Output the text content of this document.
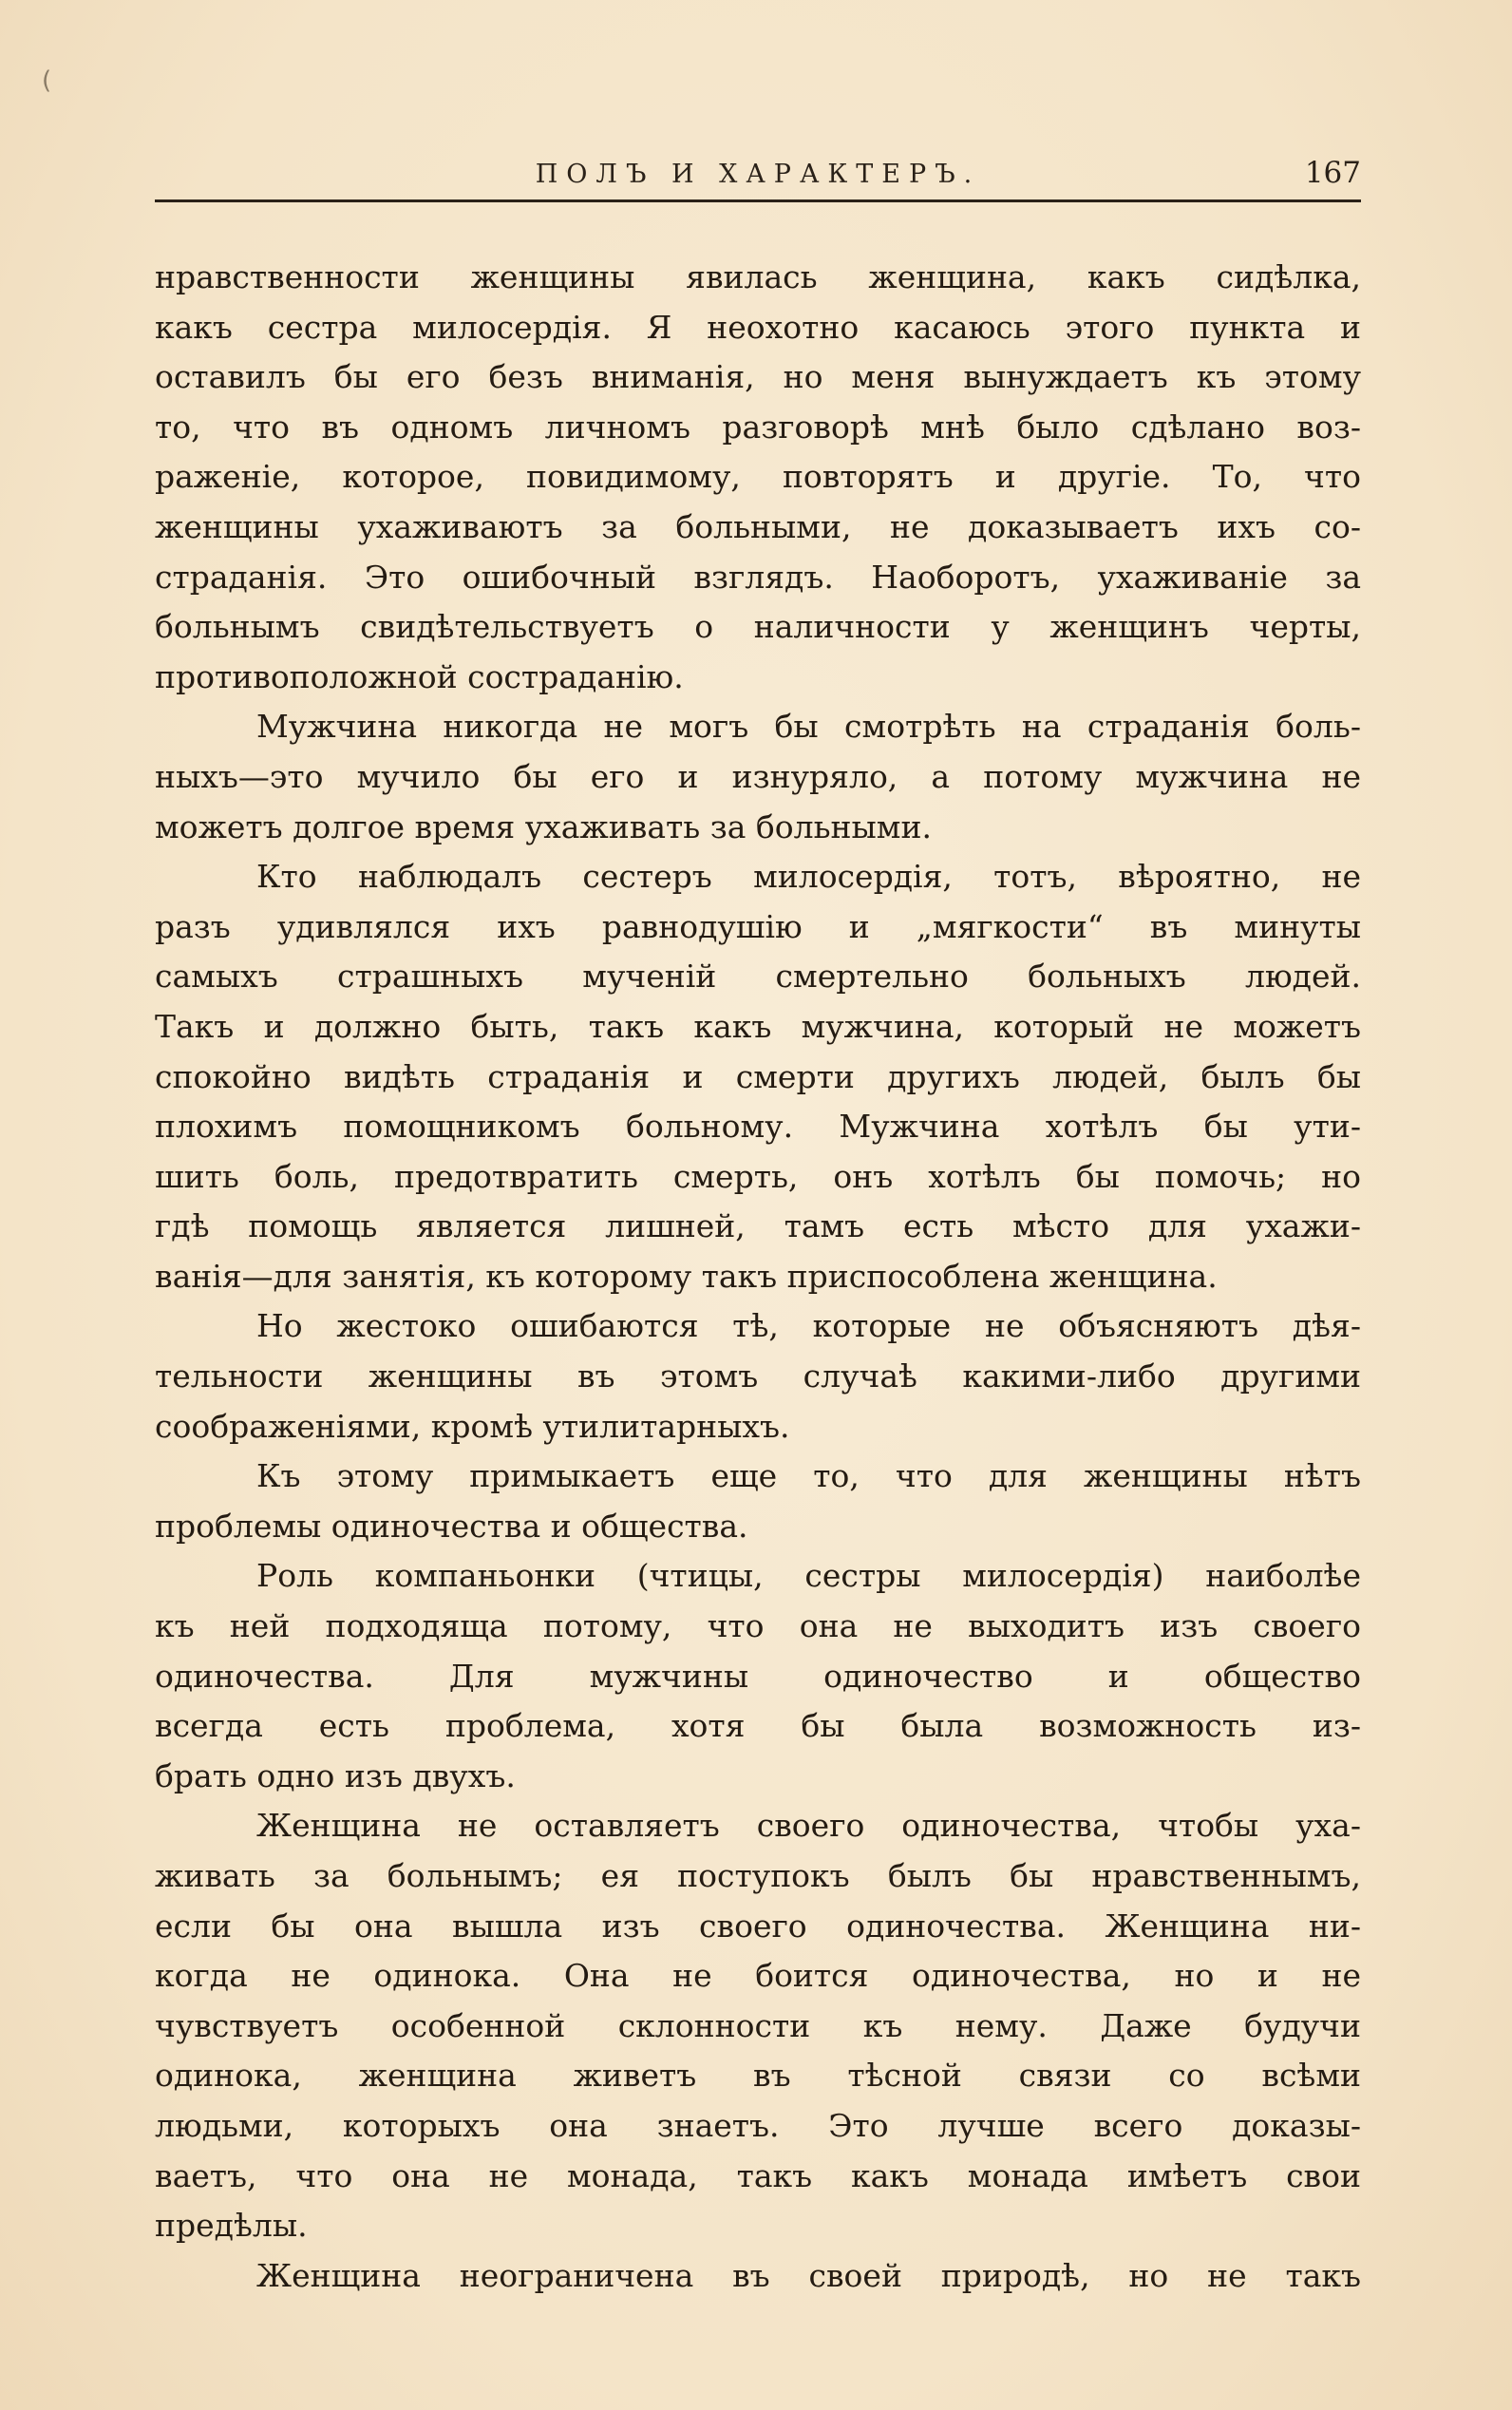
(
ПОЛЪ И ХАРАКТЕРЪ.	167
нравственности женщины явилась женщина, какъ сидѣлка,
какъ сестра милосердія. Я неохотно касаюсь этого пункта и
оставилъ бы его безъ вниманія, но меня вынуждаетъ къ этому
то, что въ одномъ личномъ разговорѣ мнѣ было сдѣлано воз-
раженіе, которое, повидимому, повторятъ и другіе. То, что
женщины ухаживаютъ за больными, не доказываетъ ихъ со-
страданія. Это ошибочный взглядъ. Наоборотъ, ухаживаніе за
больнымъ свидѣтельствуетъ о наличности у женщинъ черты,
противоположной состраданію.
Мужчина никогда не могъ бы смотрѣть на страданія боль-
ныхъ—это мучило бы его и изнуряло, а потому мужчина не
можетъ долгое время ухаживать за больными.
Кто наблюдалъ сестеръ милосердія, тотъ, вѣроятно, не
разъ удивлялся ихъ равнодушію и „мягкости“ въ минуты
самыхъ страшныхъ мученій смертельно больныхъ людей.
Такъ и должно быть, такъ какъ мужчина, который не можетъ
спокойно видѣть страданія и смерти другихъ людей, былъ бы
плохимъ помощникомъ больному. Мужчина хотѣлъ бы ути-
шить боль, предотвратить смерть, онъ хотѣлъ бы помочь; но
гдѣ помощь является лишней, тамъ есть мѣсто для ухажи-
ванія—для занятія, къ которому такъ приспособлена женщина.
Но жестоко ошибаются тѣ, которые не объясняютъ дѣя-
тельности женщины въ этомъ случаѣ какими-либо другими
соображеніями, кромѣ утилитарныхъ.
Къ этому примыкаетъ еще то, что для женщины нѣтъ
проблемы одиночества и общества.
Роль компаньонки (чтицы, сестры милосердія) наиболѣе
къ ней подходяща потому, что она не выходитъ изъ своего
одиночества. Для мужчины одиночество и общество
всегда есть проблема, хотя бы была возможность из-
брать одно изъ двухъ.
Женщина не оставляетъ своего одиночества, чтобы уха-
живать за больнымъ; ея поступокъ былъ бы нравственнымъ,
если бы она вышла изъ своего одиночества. Женщина ни-
когда не одинока. Она не боится одиночества, но и не
чувствуетъ особенной склонности къ нему. Даже будучи
одинока, женщина живетъ въ тѣсной связи со всѣми
людьми, которыхъ она знаетъ. Это лучше всего доказы-
ваетъ, что она не монада, такъ какъ монада имѣетъ свои
предѣлы.
Женщина неограничена въ своей природѣ, но не такъ
